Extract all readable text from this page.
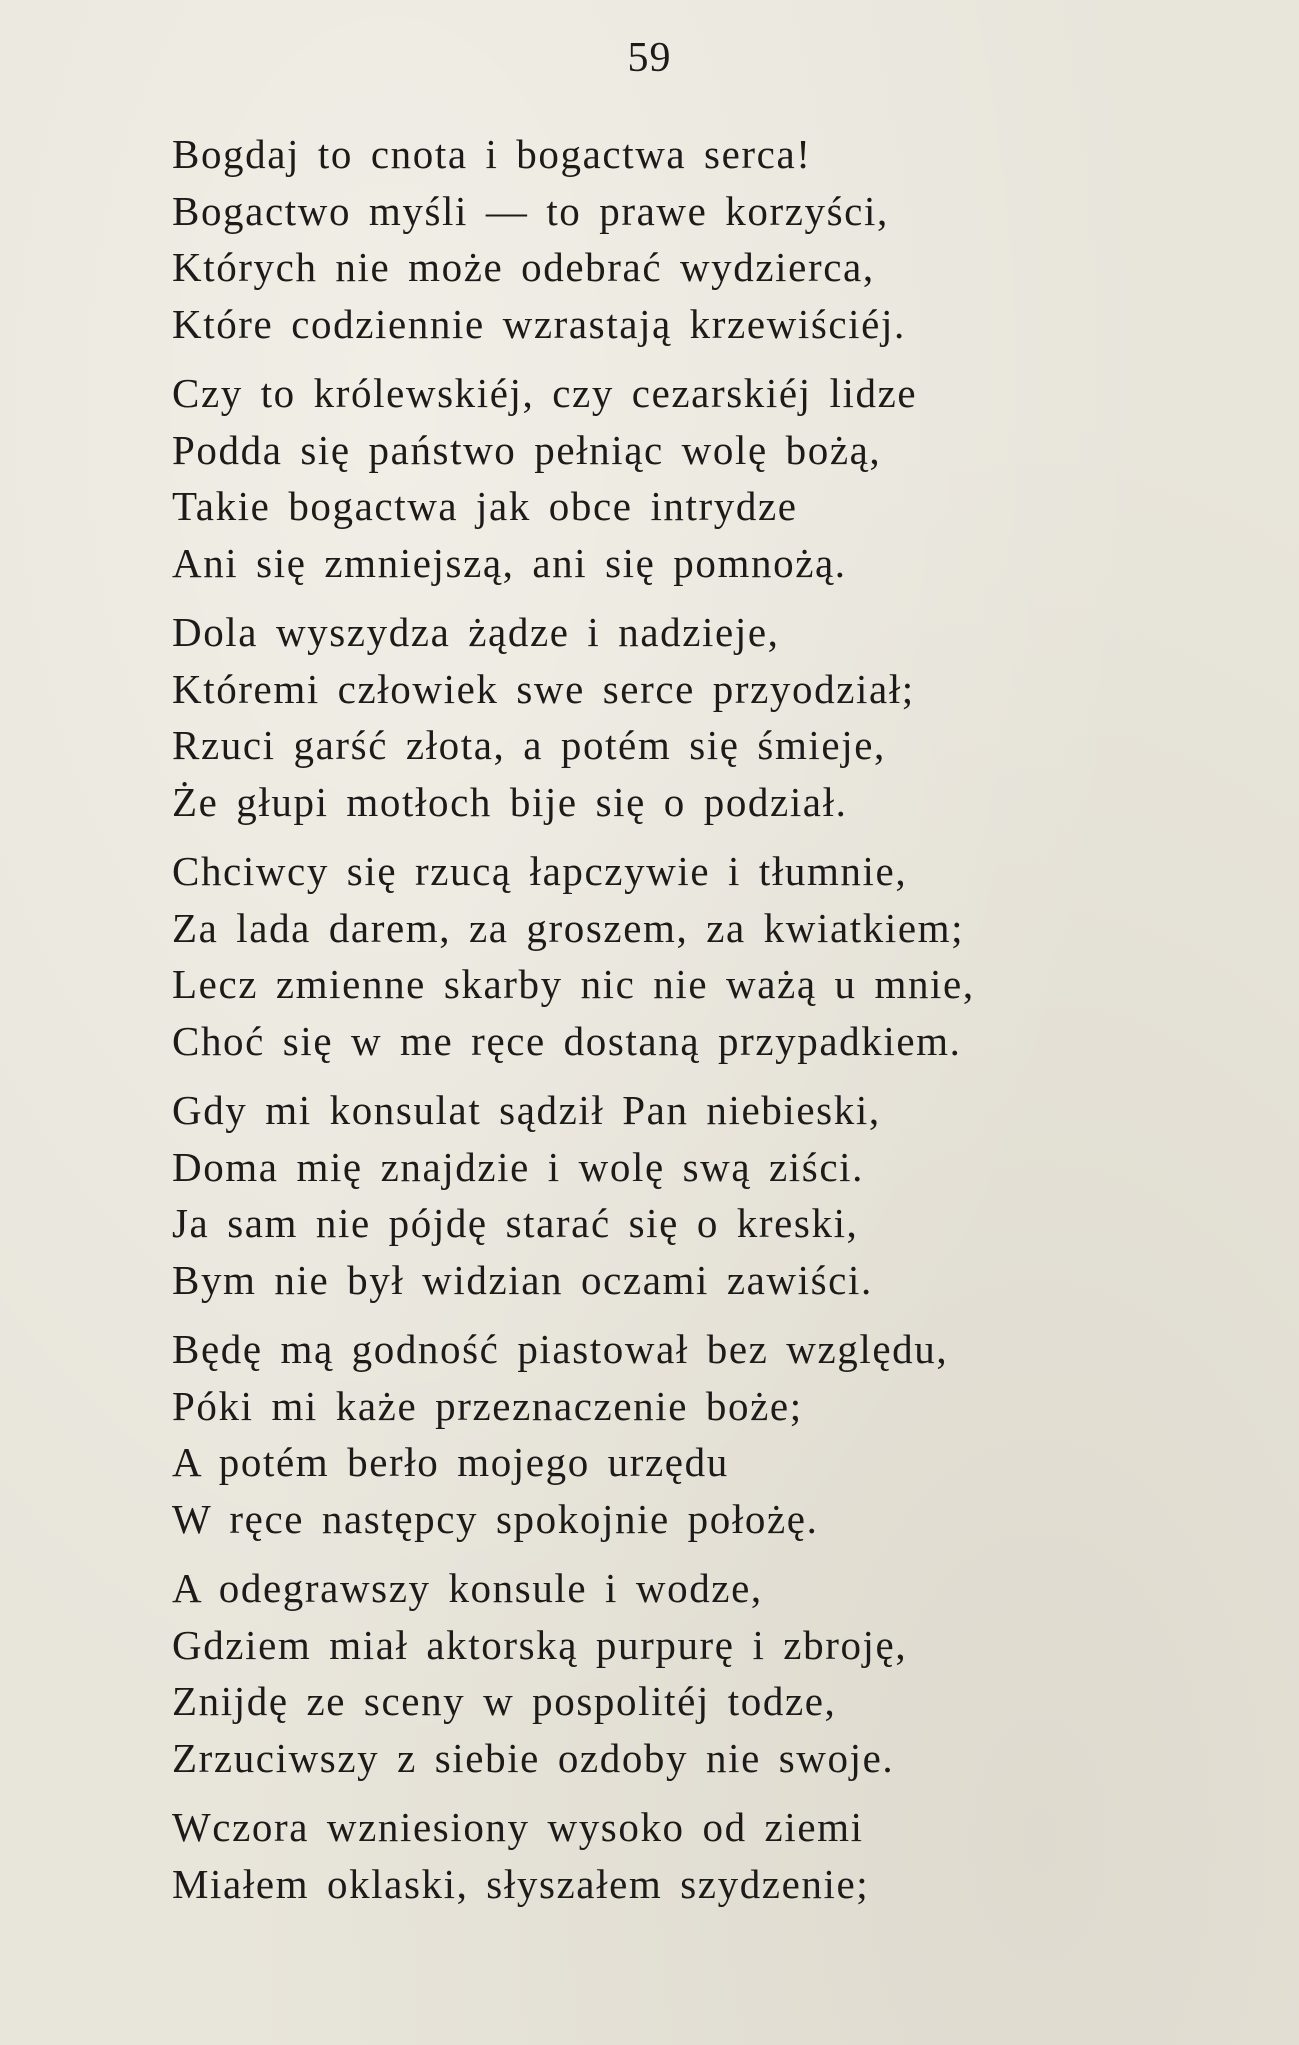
59
Bogdaj to cnota i bogactwa serca!
Bogactwo myśli — to prawe korzyści,
Których nie może odebrać wydzierca,
Które codziennie wzrastają krzewiściéj.
Czy to królewskiéj, czy cezarskiéj lidze
Podda się państwo pełniąc wolę bożą,
Takie bogactwa jak obce intrydze
Ani się zmniejszą, ani się pomnożą.
Dola wyszydza żądze i nadzieje,
Któremi człowiek swe serce przyodział;
Rzuci garść złota, a potém się śmieje,
Że głupi motłoch bije się o podział.
Chciwcy się rzucą łapczywie i tłumnie,
Za lada darem, za groszem, za kwiatkiem;
Lecz zmienne skarby nic nie ważą u mnie,
Choć się w me ręce dostaną przypadkiem.
Gdy mi konsulat sądził Pan niebieski,
Doma mię znajdzie i wolę swą ziści.
Ja sam nie pójdę starać się o kreski,
Bym nie był widzian oczami zawiści.
Będę mą godność piastował bez względu,
Póki mi każe przeznaczenie boże;
A potém berło mojego urzędu
W ręce następcy spokojnie położę.
A odegrawszy konsule i wodze,
Gdziem miał aktorską purpurę i zbroję,
Znijdę ze sceny w pospolitéj todze,
Zrzuciwszy z siebie ozdoby nie swoje.
Wczora wzniesiony wysoko od ziemi
Miałem oklaski, słyszałem szydzenie;
